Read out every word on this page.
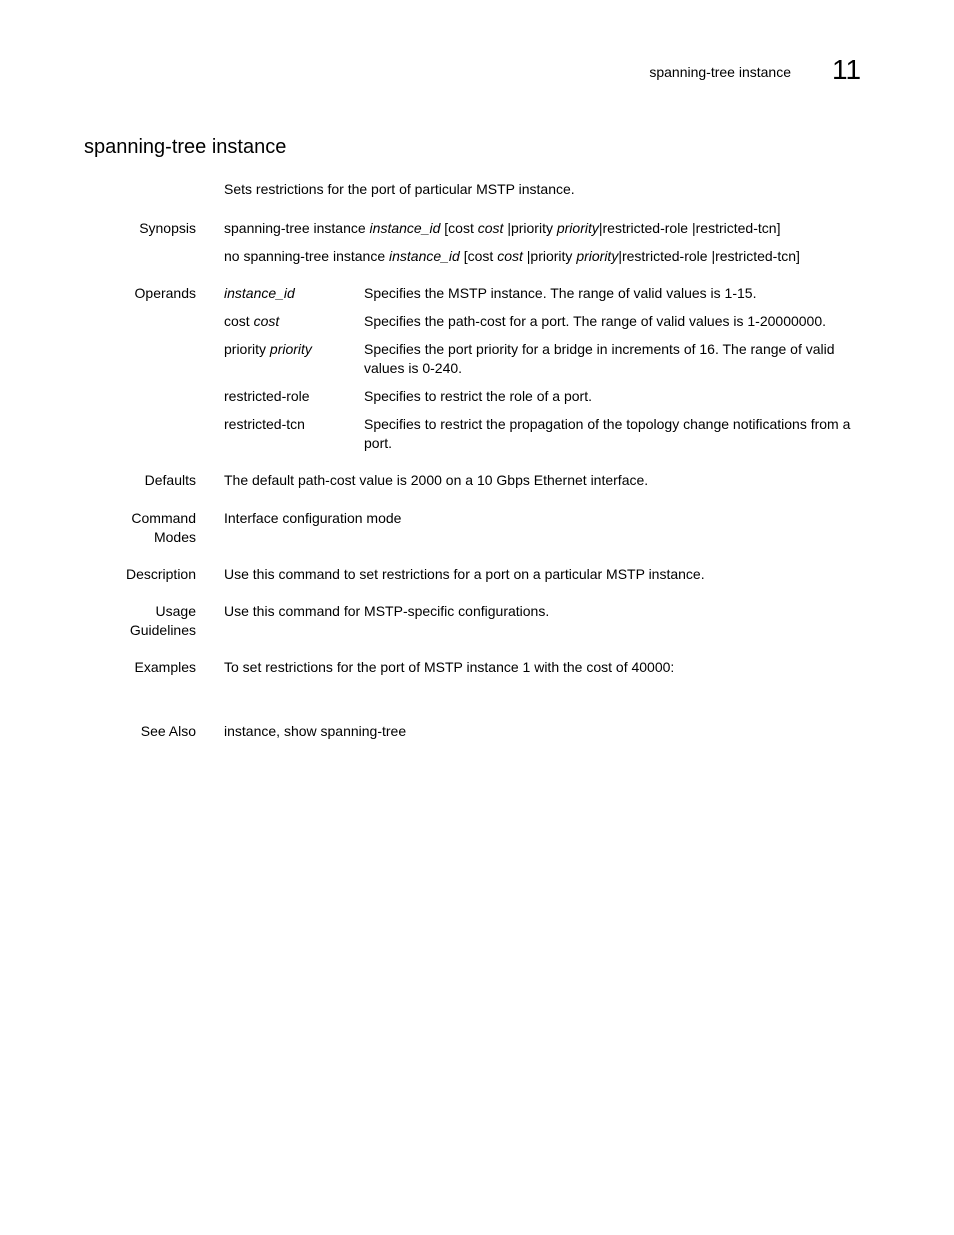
spanning-tree instance 11
spanning-tree instance
Sets restrictions for the port of particular MSTP instance.
Synopsis spanning-tree instance instance_id [cost cost |priority priority|restricted-role |restricted-tcn]
no spanning-tree instance instance_id [cost cost |priority priority|restricted-role |restricted-tcn]
Operands instance_id	Specifies the MSTP instance. The range of valid values is 1-15.
cost cost	Specifies the path-cost for a port. The range of valid values is 1-20000000.
priority priority	Specifies the port priority for a bridge in increments of 16. The range of valid values is 0-240.
restricted-role	Specifies to restrict the role of a port.
restricted-tcn	Specifies to restrict the propagation of the topology change notifications from a port.
Defaults The default path-cost value is 2000 on a 10 Gbps Ethernet interface.
Command
Modes
Interface configuration mode
Description Use this command to set restrictions for a port on a particular MSTP instance.
Usage
Guidelines
Use this command for MSTP-specific configurations.
Examples To set restrictions for the port of MSTP instance 1 with the cost of 40000:
See Also instance, show spanning-tree
